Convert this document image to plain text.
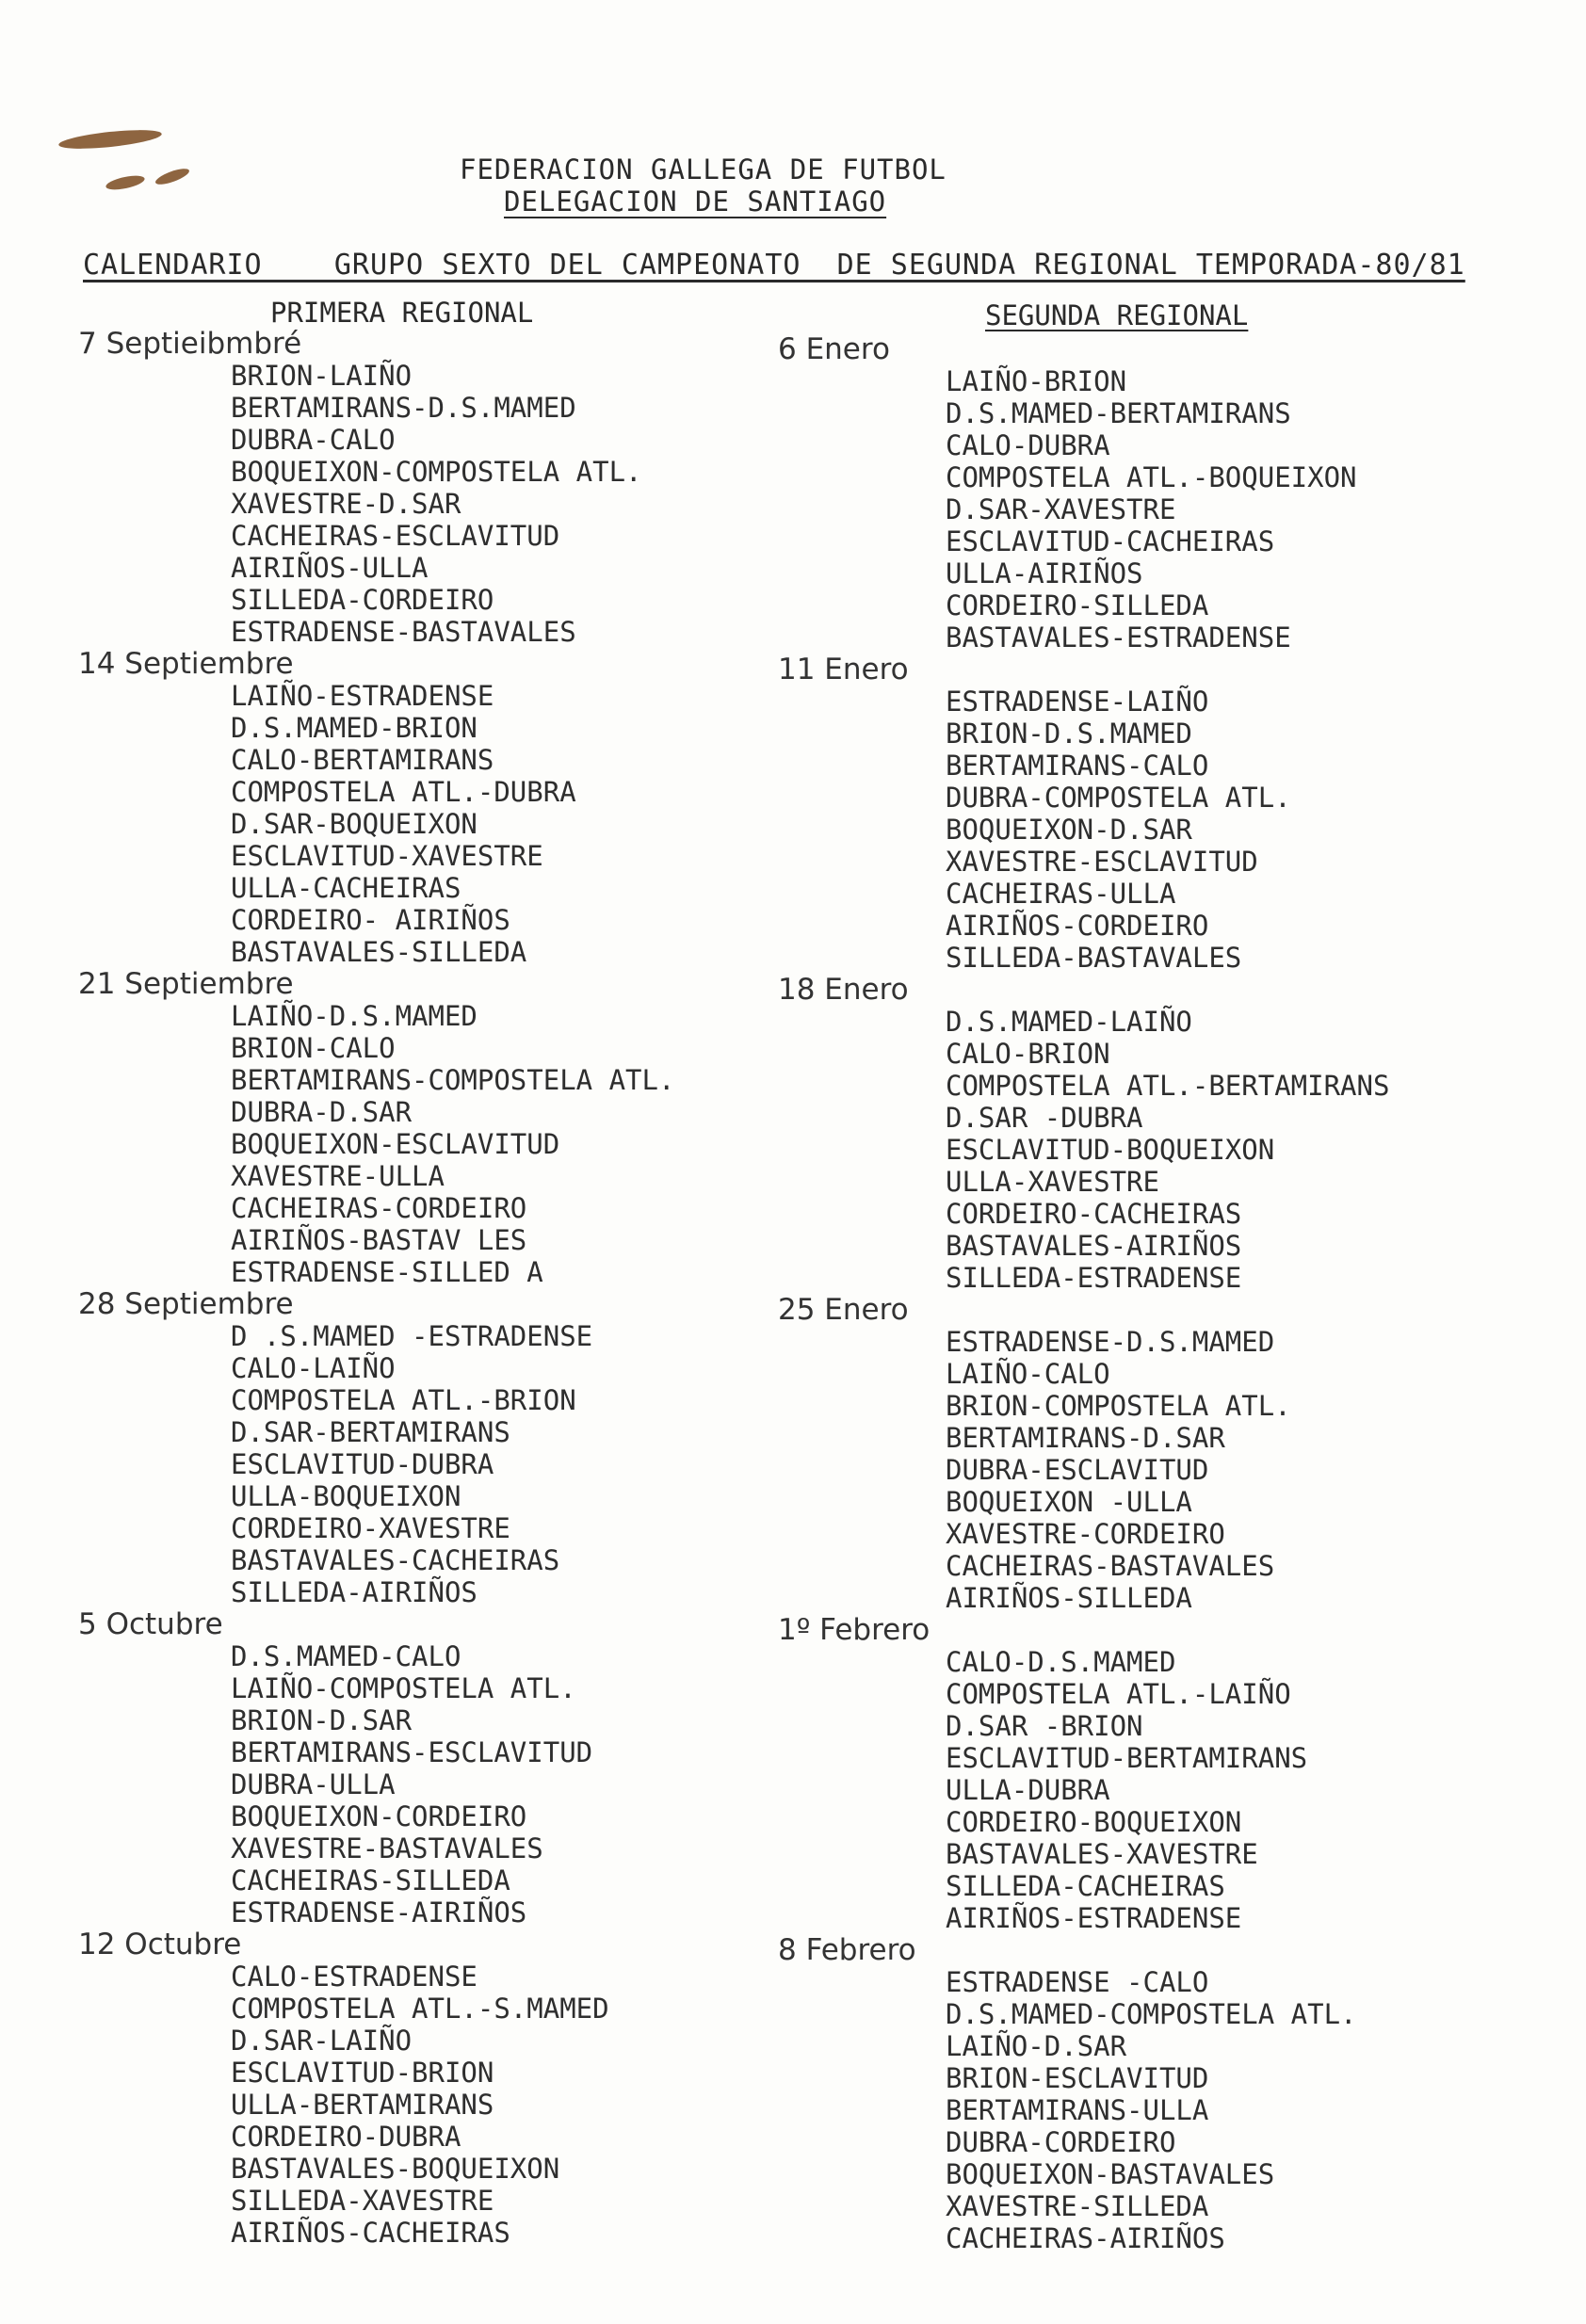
FEDERACION GALLEGA DE FUTBOL
DELEGACION DE SANTIAGO
CALENDARIO    GRUPO SEXTO DEL CAMPEONATO  DE SEGUNDA REGIONAL TEMPORADA-80/81
PRIMERA REGIONAL	SEGUNDA REGIONAL
7 Septieibmbré
BRION-LAIÑO
BERTAMIRANS-D.S.MAMED
DUBRA-CALO
BOQUEIXON-COMPOSTELA ATL.
XAVESTRE-D.SAR
CACHEIRAS-ESCLAVITUD
AIRIÑOS-ULLA
SILLEDA-CORDEIRO
ESTRADENSE-BASTAVALES
14 Septiembre
LAIÑO-ESTRADENSE
D.S.MAMED-BRION
CALO-BERTAMIRANS
COMPOSTELA ATL.-DUBRA
D.SAR-BOQUEIXON
ESCLAVITUD-XAVESTRE
ULLA-CACHEIRAS
CORDEIRO- AIRIÑOS
BASTAVALES-SILLEDA
21 Septiembre
LAIÑO-D.S.MAMED
BRION-CALO
BERTAMIRANS-COMPOSTELA ATL.
DUBRA-D.SAR
BOQUEIXON-ESCLAVITUD
XAVESTRE-ULLA
CACHEIRAS-CORDEIRO
AIRIÑOS-BASTAV LES
ESTRADENSE-SILLED A
28 Septiembre
D .S.MAMED -ESTRADENSE
CALO-LAIÑO
COMPOSTELA ATL.-BRION
D.SAR-BERTAMIRANS
ESCLAVITUD-DUBRA
ULLA-BOQUEIXON
CORDEIRO-XAVESTRE
BASTAVALES-CACHEIRAS
SILLEDA-AIRIÑOS
5 Octubre
D.S.MAMED-CALO
LAIÑO-COMPOSTELA ATL.
BRION-D.SAR
BERTAMIRANS-ESCLAVITUD
DUBRA-ULLA
BOQUEIXON-CORDEIRO
XAVESTRE-BASTAVALES
CACHEIRAS-SILLEDA
ESTRADENSE-AIRIÑOS
12 Octubre
CALO-ESTRADENSE
COMPOSTELA ATL.-S.MAMED
D.SAR-LAIÑO
ESCLAVITUD-BRION
ULLA-BERTAMIRANS
CORDEIRO-DUBRA
BASTAVALES-BOQUEIXON
SILLEDA-XAVESTRE
AIRIÑOS-CACHEIRAS
6 Enero
LAIÑO-BRION
D.S.MAMED-BERTAMIRANS
CALO-DUBRA
COMPOSTELA ATL.-BOQUEIXON
D.SAR-XAVESTRE
ESCLAVITUD-CACHEIRAS
ULLA-AIRIÑOS
CORDEIRO-SILLEDA
BASTAVALES-ESTRADENSE
11 Enero
ESTRADENSE-LAIÑO
BRION-D.S.MAMED
BERTAMIRANS-CALO
DUBRA-COMPOSTELA ATL.
BOQUEIXON-D.SAR
XAVESTRE-ESCLAVITUD
CACHEIRAS-ULLA
AIRIÑOS-CORDEIRO
SILLEDA-BASTAVALES
18 Enero
D.S.MAMED-LAIÑO
CALO-BRION
COMPOSTELA ATL.-BERTAMIRANS
D.SAR -DUBRA
ESCLAVITUD-BOQUEIXON
ULLA-XAVESTRE
CORDEIRO-CACHEIRAS
BASTAVALES-AIRIÑOS
SILLEDA-ESTRADENSE
25 Enero
ESTRADENSE-D.S.MAMED
LAIÑO-CALO
BRION-COMPOSTELA ATL.
BERTAMIRANS-D.SAR
DUBRA-ESCLAVITUD
BOQUEIXON -ULLA
XAVESTRE-CORDEIRO
CACHEIRAS-BASTAVALES
AIRIÑOS-SILLEDA
1º Febrero
CALO-D.S.MAMED
COMPOSTELA ATL.-LAIÑO
D.SAR -BRION
ESCLAVITUD-BERTAMIRANS
ULLA-DUBRA
CORDEIRO-BOQUEIXON
BASTAVALES-XAVESTRE
SILLEDA-CACHEIRAS
AIRIÑOS-ESTRADENSE
8 Febrero
ESTRADENSE -CALO
D.S.MAMED-COMPOSTELA ATL.
LAIÑO-D.SAR
BRION-ESCLAVITUD
BERTAMIRANS-ULLA
DUBRA-CORDEIRO
BOQUEIXON-BASTAVALES
XAVESTRE-SILLEDA
CACHEIRAS-AIRIÑOS
